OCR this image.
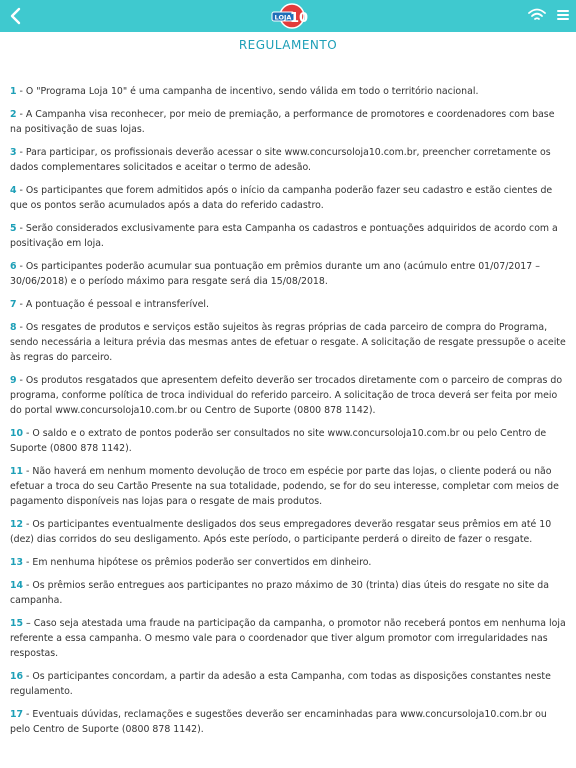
LOJA
10
REGULAMENTO
1 - O "Programa Loja 10" é uma campanha de incentivo, sendo válida em todo o território nacional.
2 - A Campanha visa reconhecer, por meio de premiação, a performance de promotores e coordenadores com base na positivação de suas lojas.
3 - Para participar, os profissionais deverão acessar o site www.concursoloja10.com.br, preencher corretamente os dados complementares solicitados e aceitar o termo de adesão.
4 - Os participantes que forem admitidos após o início da campanha poderão fazer seu cadastro e estão cientes de que os pontos serão acumulados após a data do referido cadastro.
5 - Serão considerados exclusivamente para esta Campanha os cadastros e pontuações adquiridos de acordo com a positivação em loja.
6 - Os participantes poderão acumular sua pontuação em prêmios durante um ano (acúmulo entre 01/07/2017 – 30/06/2018) e o período máximo para resgate será dia 15/08/2018.
7 - A pontuação é pessoal e intransferível.
8 - Os resgates de produtos e serviços estão sujeitos às regras próprias de cada parceiro de compra do Programa, sendo necessária a leitura prévia das mesmas antes de efetuar o resgate. A solicitação de resgate pressupõe o aceite às regras do parceiro.
9 - Os produtos resgatados que apresentem defeito deverão ser trocados diretamente com o parceiro de compras do programa, conforme política de troca individual do referido parceiro. A solicitação de troca deverá ser feita por meio do portal www.concursoloja10.com.br ou Centro de Suporte (0800 878 1142).
10 - O saldo e o extrato de pontos poderão ser consultados no site www.concursoloja10.com.br ou pelo Centro de Suporte (0800 878 1142).
11 - Não haverá em nenhum momento devolução de troco em espécie por parte das lojas, o cliente poderá ou não efetuar a troca do seu Cartão Presente na sua totalidade, podendo, se for do seu interesse, completar com meios de pagamento disponíveis nas lojas para o resgate de mais produtos.
12 - Os participantes eventualmente desligados dos seus empregadores deverão resgatar seus prêmios em até 10 (dez) dias corridos do seu desligamento. Após este período, o participante perderá o direito de fazer o resgate.
13 - Em nenhuma hipótese os prêmios poderão ser convertidos em dinheiro.
14 - Os prêmios serão entregues aos participantes no prazo máximo de 30 (trinta) dias úteis do resgate no site da campanha.
15 – Caso seja atestada uma fraude na participação da campanha, o promotor não receberá pontos em nenhuma loja referente a essa campanha. O mesmo vale para o coordenador que tiver algum promotor com irregularidades nas respostas.
16 - Os participantes concordam, a partir da adesão a esta Campanha, com todas as disposições constantes neste regulamento.
17 - Eventuais dúvidas, reclamações e sugestões deverão ser encaminhadas para www.concursoloja10.com.br ou pelo Centro de Suporte (0800 878 1142).
